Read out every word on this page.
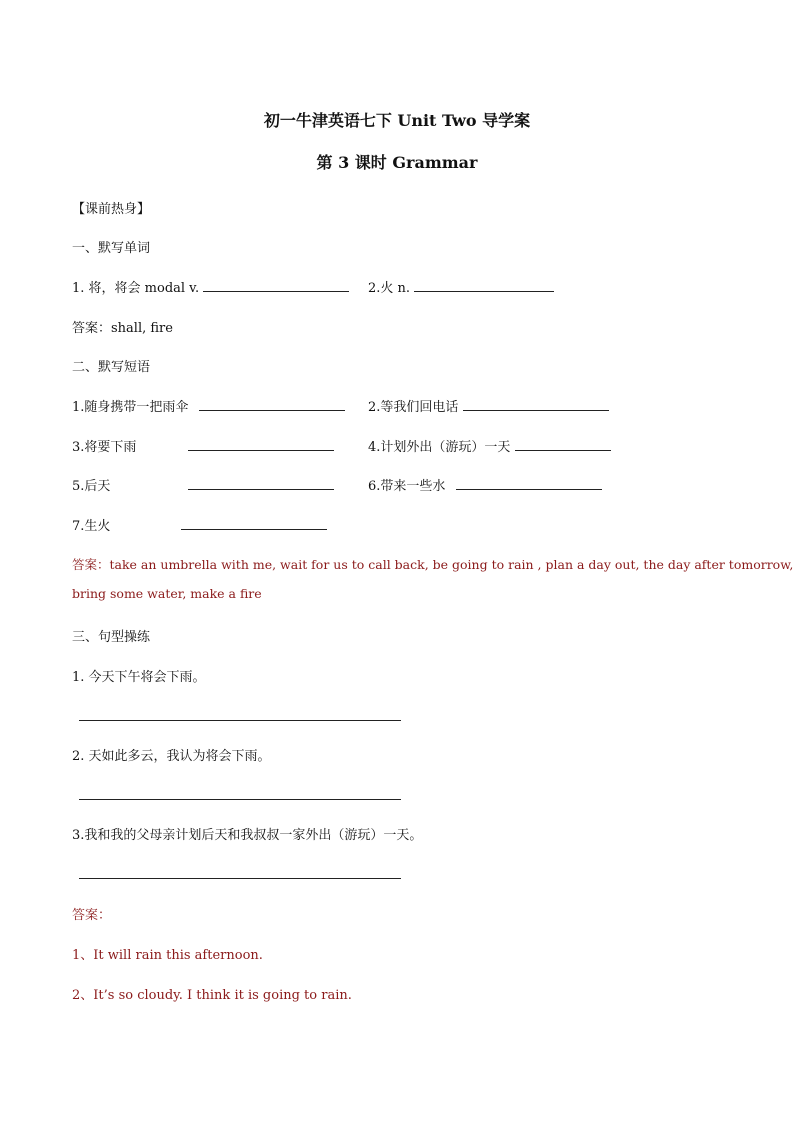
初一牛津英语七下 Unit Two 导学案
第 3 课时 Grammar
【课前热身】
一、默写单词
1. 将，将会 modal v.	2.火 n.
答案：shall, fire
二、默写短语
1.随身携带一把雨伞	2.等我们回电话
3.将要下雨	4.计划外出（游玩）一天
5.后天	6.带来一些水
7.生火
答案：take an umbrella with me, wait for us to call back, be going to rain , plan a day out, the day after tomorrow,
bring some water, make a fire
三、句型操练
1. 今天下午将会下雨。
2. 天如此多云，我认为将会下雨。
3.我和我的父母亲计划后天和我叔叔一家外出（游玩）一天。
答案：
1、It will rain this afternoon.
2、It’s so cloudy. I think it is going to rain.
